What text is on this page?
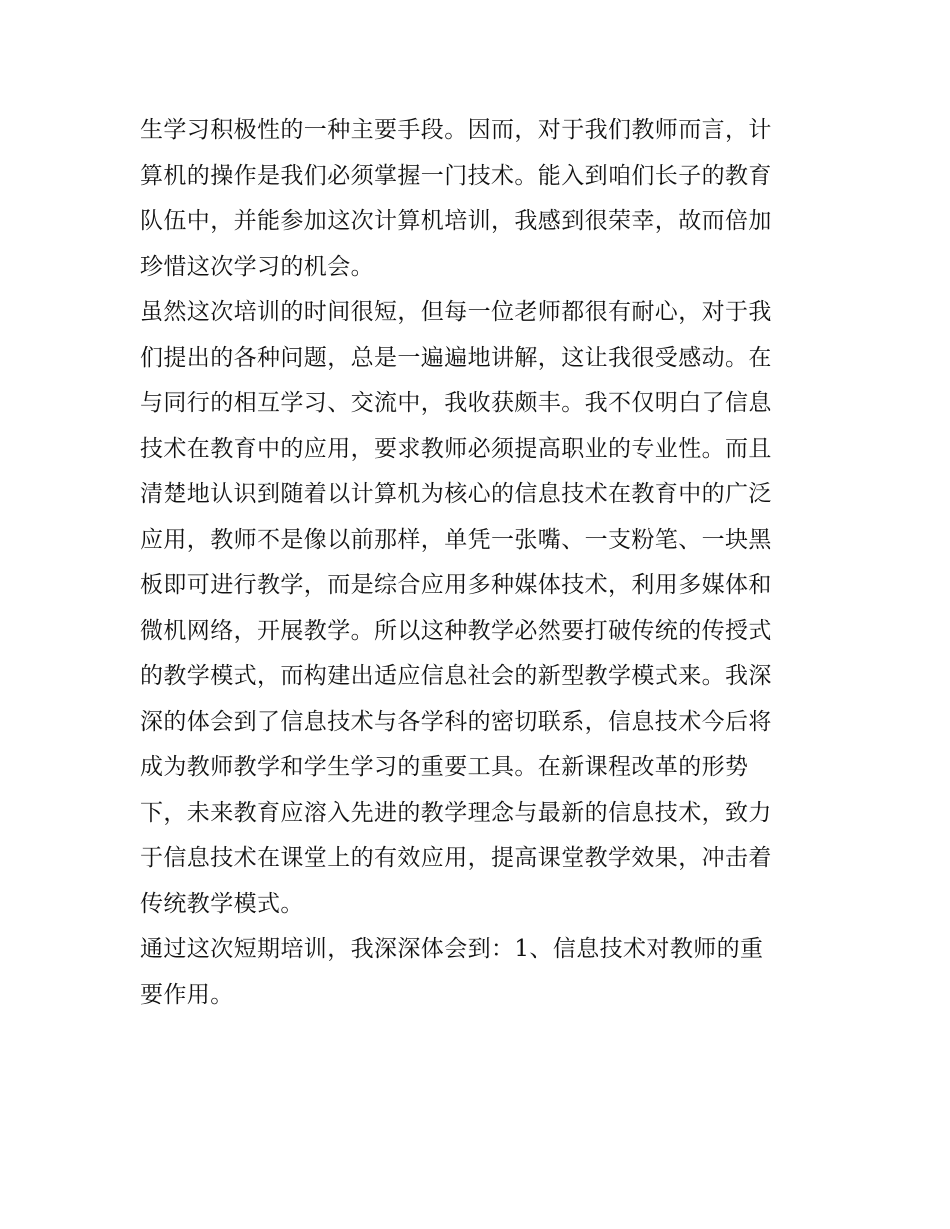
生学习积极性的一种主要手段。因而，对于我们教师而言，计
算机的操作是我们必须掌握一门技术。能入到咱们长子的教育
队伍中，并能参加这次计算机培训，我感到很荣幸，故而倍加
珍惜这次学习的机会。
虽然这次培训的时间很短，但每一位老师都很有耐心，对于我
们提出的各种问题，总是一遍遍地讲解，这让我很受感动。在
与同行的相互学习、交流中，我收获颇丰。我不仅明白了信息
技术在教育中的应用，要求教师必须提高职业的专业性。而且
清楚地认识到随着以计算机为核心的信息技术在教育中的广泛
应用，教师不是像以前那样，单凭一张嘴、一支粉笔、一块黑
板即可进行教学，而是综合应用多种媒体技术，利用多媒体和
微机网络，开展教学。所以这种教学必然要打破传统的传授式
的教学模式，而构建出适应信息社会的新型教学模式来。我深
深的体会到了信息技术与各学科的密切联系，信息技术今后将
成为教师教学和学生学习的重要工具。在新课程改革的形势
下，未来教育应溶入先进的教学理念与最新的信息技术，致力
于信息技术在课堂上的有效应用，提高课堂教学效果，冲击着
传统教学模式。
通过这次短期培训，我深深体会到：1、信息技术对教师的重
要作用。
